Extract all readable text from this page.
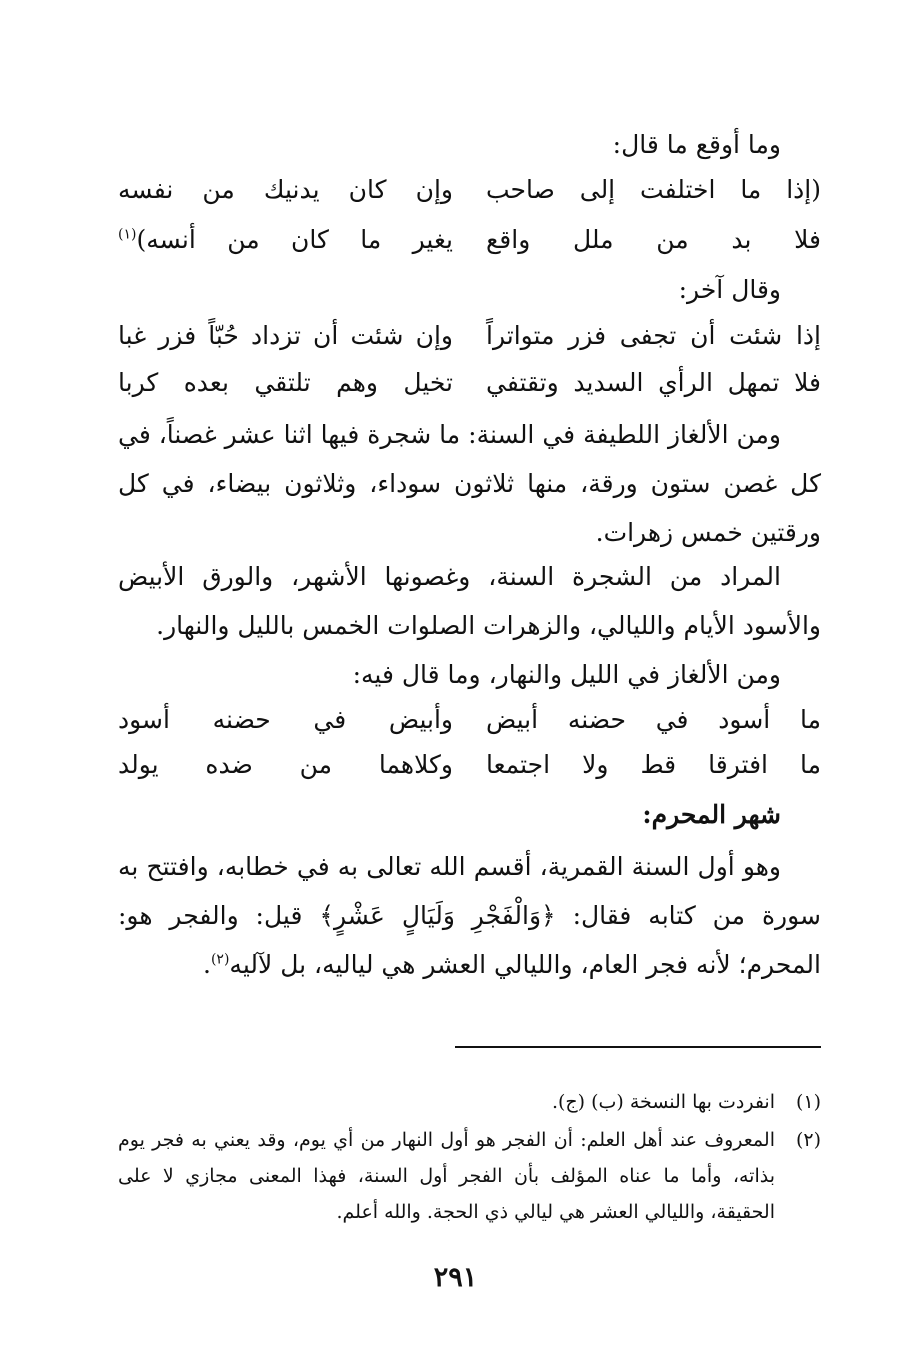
وما أوقع ما قال:
(إذا ما اختلفت إلى صاحب
وإن كان يدنيك من نفسه
فلا بد من ملل واقع
يغير ما كان من أنسه)$^{(١)}$
وقال آخر:
إذا شئت أن تجفى فزر متواتراً
وإن شئت أن تزداد حُبّاً فزر غبا
فلا تمهل الرأي السديد وتقتفي
تخيل وهم تلتقي بعده كربا
ومن الألغاز اللطيفة في السنة: ما شجرة فيها اثنا عشر غصناً، في كل غصن ستون ورقة، منها ثلاثون سوداء، وثلاثون بيضاء، في كل ورقتين خمس زهرات.
المراد من الشجرة السنة، وغصونها الأشهر، والورق الأبيض والأسود الأيام والليالي، والزهرات الصلوات الخمس بالليل والنهار.
ومن الألغاز في الليل والنهار، وما قال فيه:
ما أسود في حضنه أبيض
وأبيض في حضنه أسود
ما افترقا قط ولا اجتمعا
وكلاهما من ضده يولد
شهر المحرم:
وهو أول السنة القمرية، أقسم الله تعالى به في خطابه، وافتتح به سورة من كتابه فقال: ﴿وَالْفَجْرِ وَلَيَالٍ عَشْرٍ﴾ قيل: والفجر هو: المحرم؛ لأنه فجر العام، والليالي العشر هي لياليه، بل لآليه$^{(٢)}$.
(١)
انفردت بها النسخة (ب) (ج).
(٢)
المعروف عند أهل العلم: أن الفجر هو أول النهار من أي يوم، وقد يعني به فجر يوم بذاته، وأما ما عناه المؤلف بأن الفجر أول السنة، فهذا المعنى مجازي لا على الحقيقة، والليالي العشر هي ليالي ذي الحجة. والله أعلم.
٢٩١
